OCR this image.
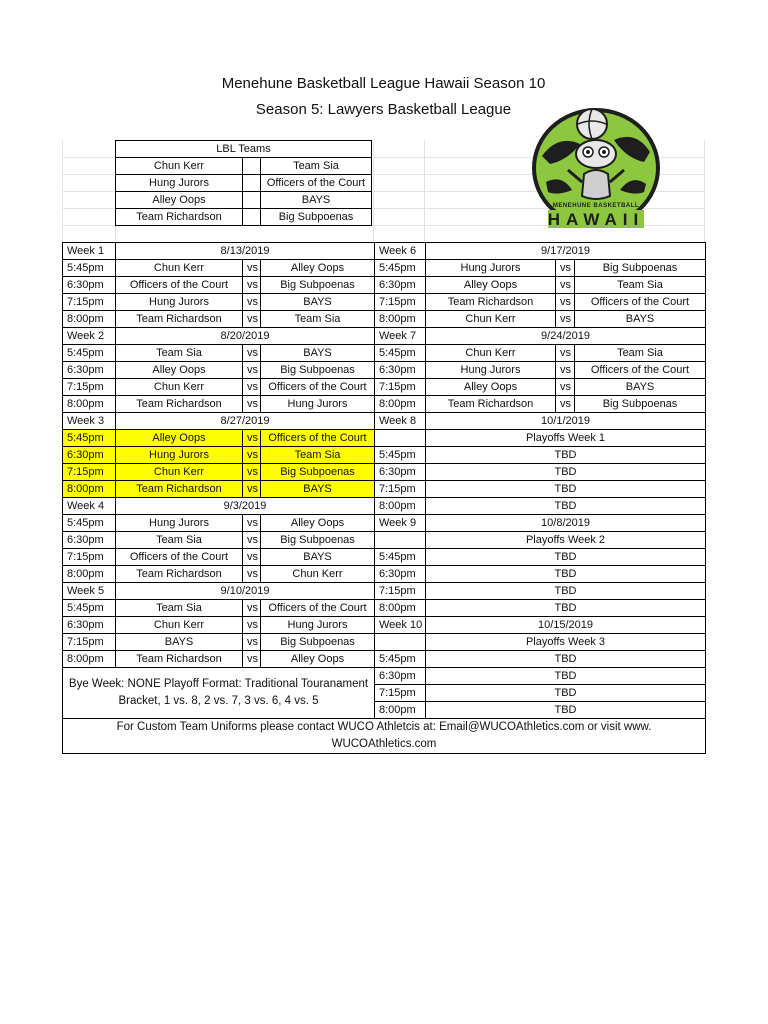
Menehune Basketball League Hawaii Season 10
Season 5: Lawyers Basketball League
LBL Teams		
Chun Kerr		Team Sia
Hung Jurors		Officers of the Court
Alley Oops		BAYS
Team Richardson		Big Subpoenas
MENEHUNE BASKETBALL
HAWAII
Week 1	8/13/2019			Week 6	9/17/2019		
5:45pm	Chun Kerr	vs	Alley Oops	5:45pm	Hung Jurors	vs	Big Subpoenas
6:30pm	Officers of the Court	vs	Big Subpoenas	6:30pm	Alley Oops	vs	Team Sia
7:15pm	Hung Jurors	vs	BAYS	7:15pm	Team Richardson	vs	Officers of the Court
8:00pm	Team Richardson	vs	Team Sia	8:00pm	Chun Kerr	vs	BAYS
Week 2	8/20/2019			Week 7	9/24/2019		
5:45pm	Team Sia	vs	BAYS	5:45pm	Chun Kerr	vs	Team Sia
6:30pm	Alley Oops	vs	Big Subpoenas	6:30pm	Hung Jurors	vs	Officers of the Court
7:15pm	Chun Kerr	vs	Officers of the Court	7:15pm	Alley Oops	vs	BAYS
8:00pm	Team Richardson	vs	Hung Jurors	8:00pm	Team Richardson	vs	Big Subpoenas
Week 3	8/27/2019			Week 8	10/1/2019		
5:45pm	Alley Oops	vs	Officers of the Court		Playoffs Week 1		
6:30pm	Hung Jurors	vs	Team Sia	5:45pm	TBD		
7:15pm	Chun Kerr	vs	Big Subpoenas	6:30pm	TBD		
8:00pm	Team Richardson	vs	BAYS	7:15pm	TBD		
Week 4	9/3/2019			8:00pm	TBD		
5:45pm	Hung Jurors	vs	Alley Oops	Week 9	10/8/2019		
6:30pm	Team Sia	vs	Big Subpoenas		Playoffs Week 2		
7:15pm	Officers of the Court	vs	BAYS	5:45pm	TBD		
8:00pm	Team Richardson	vs	Chun Kerr	6:30pm	TBD		
Week 5	9/10/2019			7:15pm	TBD		
5:45pm	Team Sia	vs	Officers of the Court	8:00pm	TBD		
6:30pm	Chun Kerr	vs	Hung Jurors	Week 10	10/15/2019		
7:15pm	BAYS	vs	Big Subpoenas		Playoffs Week 3		
8:00pm	Team Richardson	vs	Alley Oops	5:45pm	TBD		
Bye Week: NONE Playoff Format: Traditional Touranament Bracket, 1 vs. 8, 2 vs. 7, 3 vs. 6, 4 vs. 5				6:30pm	TBD		
				7:15pm	TBD		
				8:00pm	TBD		
For Custom Team Uniforms please contact WUCO Athletcis at: Email@WUCOAthletics.com or visit www. WUCOAthletics.com							
